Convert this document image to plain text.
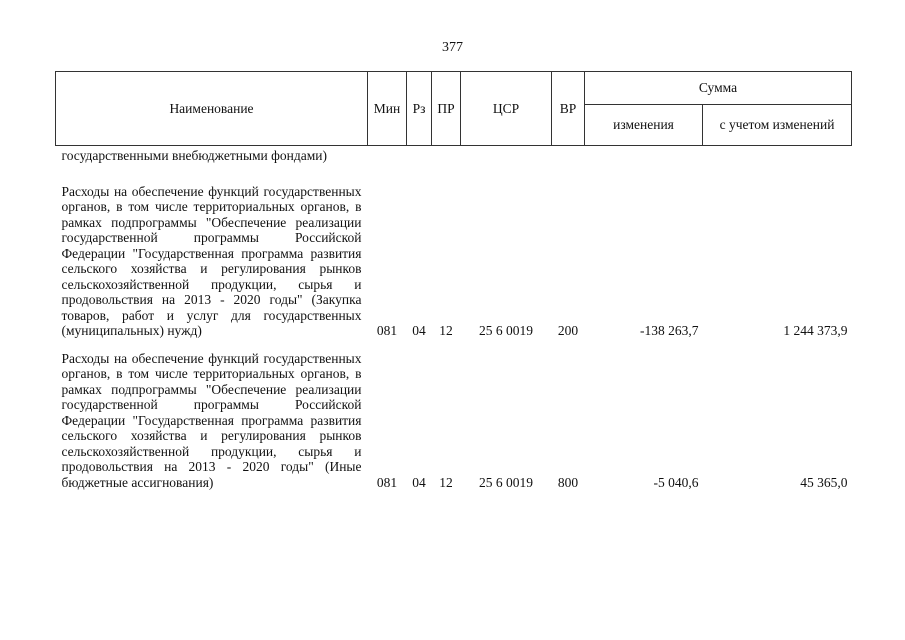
377
Наименование	Мин	Рз	ПР	ЦСР	ВР	Сумма	
						изменения	с учетом изменений
государственными внебюджетными фондами)							

Расходы на обеспечение функций государственных органов, в том числе территориальных органов, в рамках подпрограммы "Обеспечение реализации государственной программы Российской Федерации "Государственная программа развития сельского хозяйства и регулирования рынков сельскохозяйственной продукции, сырья и продовольствия на 2013 - 2020 годы" (Закупка товаров, работ и услуг для государственных (муниципальных) нужд)	081	04	12	25 6 0019	200	-138 263,7	1 244 373,9

Расходы на обеспечение функций государственных органов, в том числе территориальных органов, в рамках подпрограммы "Обеспечение реализации государственной программы Российской Федерации "Государственная программа развития сельского хозяйства и регулирования рынков сельскохозяйственной продукции, сырья и продовольствия на 2013 - 2020 годы" (Иные бюджетные ассигнования)	081	04	12	25 6 0019	800	-5 040,6	45 365,0
